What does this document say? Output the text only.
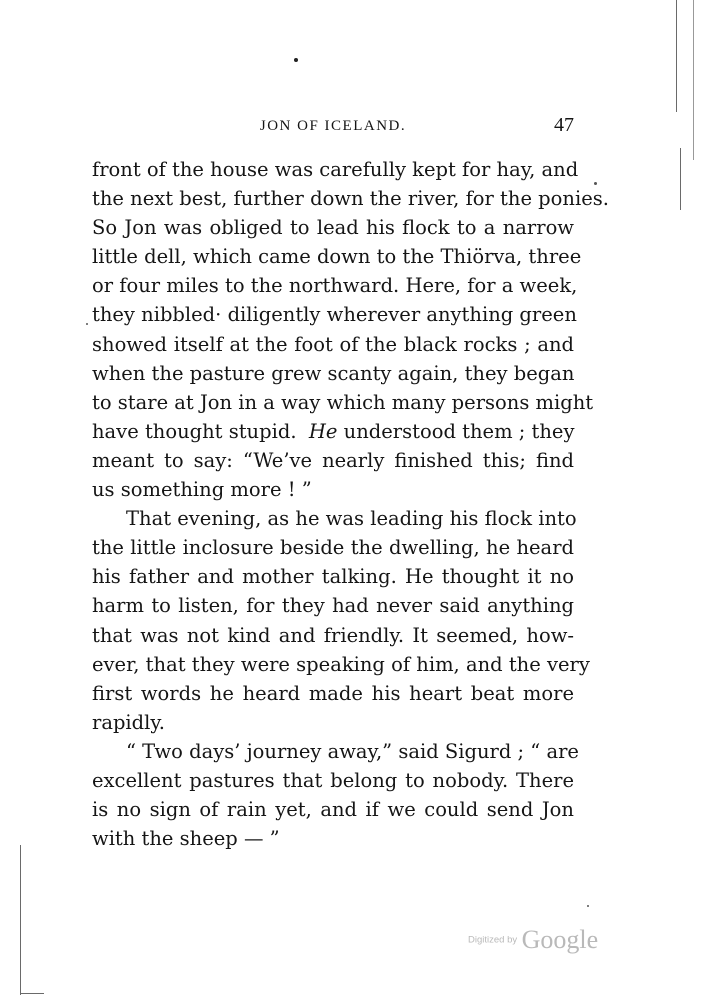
JON OF ICELAND.	47
front of the house was carefully kept for hay, and
the next best, further down the river, for the ponies.
So Jon was obliged to lead his flock to a narrow
little dell, which came down to the Thiörva, three
or four miles to the northward. Here, for a week,
they nibbled· diligently wherever anything green
showed itself at the foot of the black rocks ; and
when the pasture grew scanty again, they began
to stare at Jon in a way which many persons might
have thought stupid. He understood them ; they
meant to say: “We’ve nearly finished this; find
us something more ! ”
That evening, as he was leading his flock into
the little inclosure beside the dwelling, he heard
his father and mother talking. He thought it no
harm to listen, for they had never said anything
that was not kind and friendly. It seemed, how-
ever, that they were speaking of him, and the very
first words he heard made his heart beat more
rapidly.
“ Two days’ journey away,” said Sigurd ; “ are
excellent pastures that belong to nobody. There
is no sign of rain yet, and if we could send Jon
with the sheep — ”
Digitized by Google
